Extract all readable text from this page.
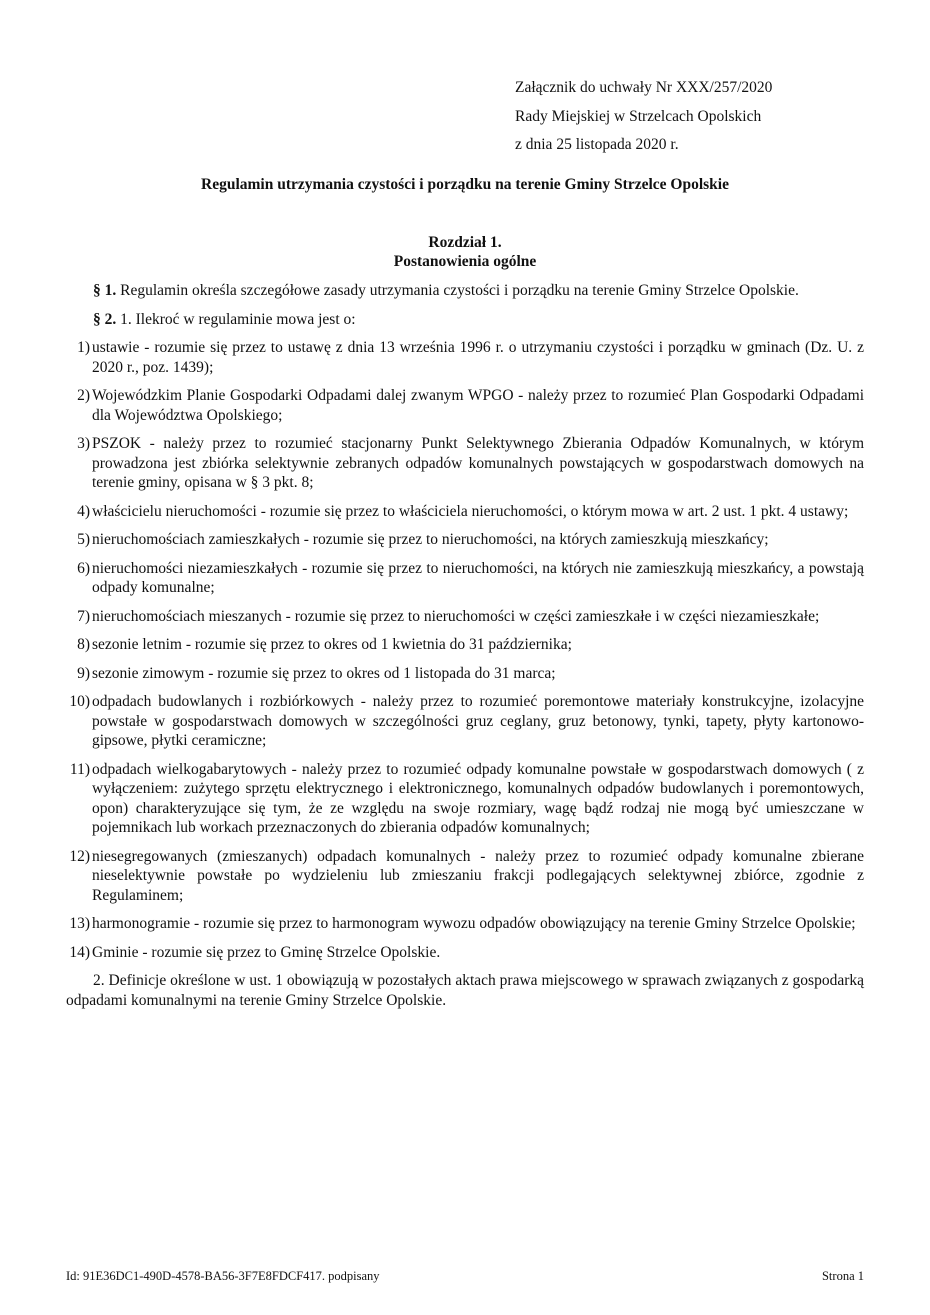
Załącznik do uchwały Nr XXX/257/2020
Rady Miejskiej w Strzelcach Opolskich
z dnia 25 listopada 2020 r.
Regulamin utrzymania czystości i porządku na terenie Gminy Strzelce Opolskie
Rozdział 1.
Postanowienia ogólne

§ 1. Regulamin określa szczegółowe zasady utrzymania czystości i porządku na terenie Gminy Strzelce Opolskie.

§ 2. 1. Ilekroć w regulaminie mowa jest o:

1) ustawie - rozumie się przez to ustawę z dnia 13 września 1996 r. o utrzymaniu czystości i porządku w gminach (Dz. U. z 2020 r., poz. 1439);
2) Wojewódzkim Planie Gospodarki Odpadami dalej zwanym WPGO - należy przez to rozumieć Plan Gospodarki Odpadami dla Województwa Opolskiego;
3) PSZOK - należy przez to rozumieć stacjonarny Punkt Selektywnego Zbierania Odpadów Komunalnych, w którym prowadzona jest zbiórka selektywnie zebranych odpadów komunalnych powstających w gospodarstwach domowych na terenie gminy, opisana w § 3 pkt. 8;
4) właścicielu nieruchomości - rozumie się przez to właściciela nieruchomości, o którym mowa w art. 2 ust. 1 pkt. 4 ustawy;
5) nieruchomościach zamieszkałych - rozumie się przez to nieruchomości, na których zamieszkują mieszkańcy;
6) nieruchomości niezamieszkałych - rozumie się przez to nieruchomości, na których nie zamieszkują mieszkańcy, a powstają odpady komunalne;
7) nieruchomościach mieszanych - rozumie się przez to nieruchomości w części zamieszkałe i w części niezamieszkałe;
8) sezonie letnim - rozumie się przez to okres od 1 kwietnia do 31 października;
9) sezonie zimowym - rozumie się przez to okres od 1 listopada do 31 marca;
10) odpadach budowlanych i rozbiórkowych - należy przez to rozumieć poremontowe materiały konstrukcyjne, izolacyjne powstałe w gospodarstwach domowych w szczególności gruz ceglany, gruz betonowy, tynki, tapety, płyty kartonowo-gipsowe, płytki ceramiczne;
11) odpadach wielkogabarytowych - należy przez to rozumieć odpady komunalne powstałe w gospodarstwach domowych ( z wyłączeniem: zużytego sprzętu elektrycznego i elektronicznego, komunalnych odpadów budowlanych i poremontowych, opon) charakteryzujące się tym, że ze względu na swoje rozmiary, wagę bądź rodzaj nie mogą być umieszczane w pojemnikach lub workach przeznaczonych do zbierania odpadów komunalnych;
12) niesegregowanych (zmieszanych) odpadach komunalnych - należy przez to rozumieć odpady komunalne zbierane nieselektywnie powstałe po wydzieleniu lub zmieszaniu frakcji podlegających selektywnej zbiórce, zgodnie z Regulaminem;
13) harmonogramie - rozumie się przez to harmonogram wywozu odpadów obowiązujący na terenie Gminy Strzelce Opolskie;
14) Gminie - rozumie się przez to Gminę Strzelce Opolskie.

2. Definicje określone w ust. 1 obowiązują w pozostałych aktach prawa miejscowego w sprawach związanych z gospodarką odpadami komunalnymi na terenie Gminy Strzelce Opolskie.

Id: 91E36DC1-490D-4578-BA56-3F7E8FDCF417. podpisany	Strona 1
